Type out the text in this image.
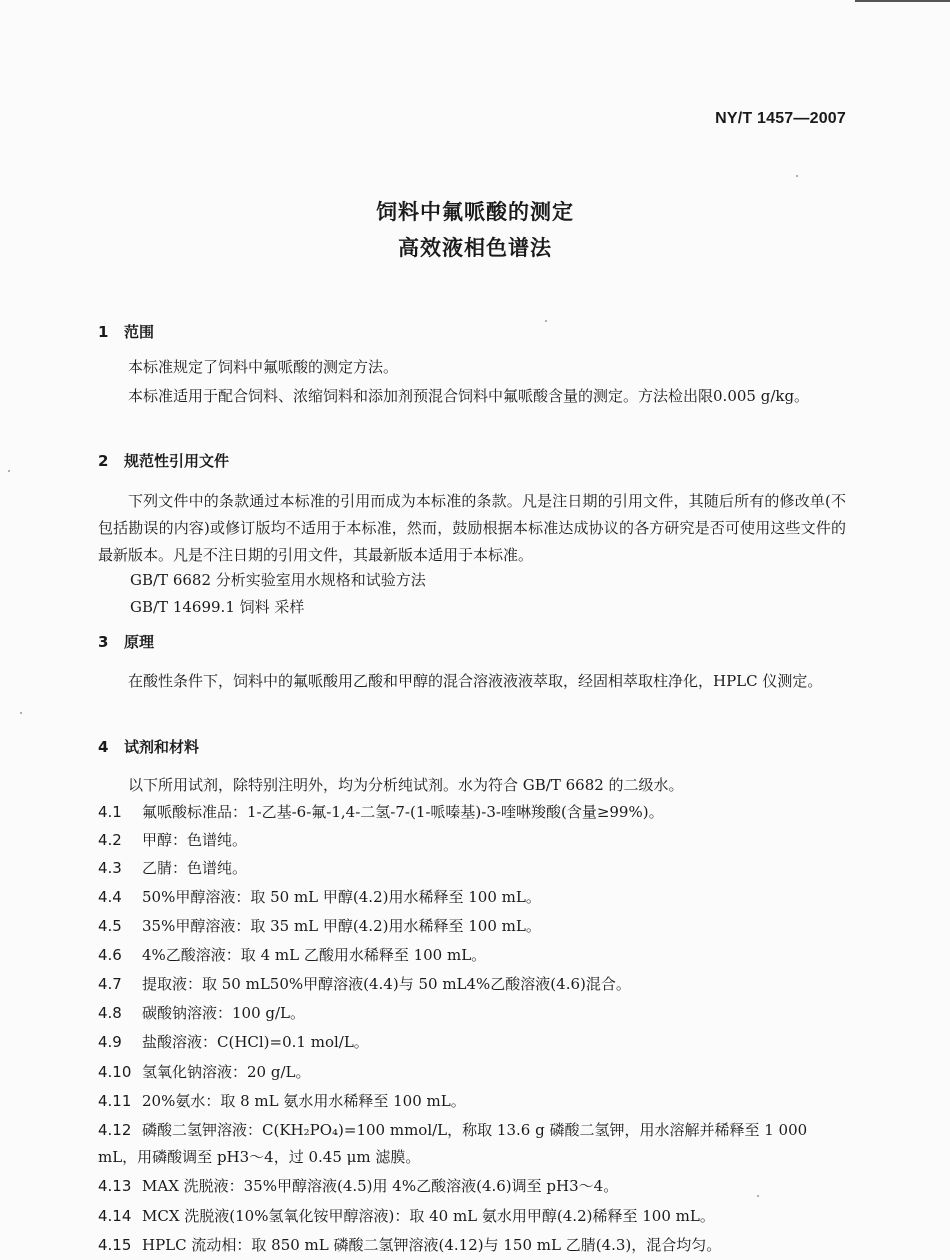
NY/T 1457—2007
饲料中氟哌酸的测定
高效液相色谱法
1 范围
本标准规定了饲料中氟哌酸的测定方法。
本标准适用于配合饲料、浓缩饲料和添加剂预混合饲料中氟哌酸含量的测定。方法检出限0.005 g/kg。
2 规范性引用文件
下列文件中的条款通过本标准的引用而成为本标准的条款。凡是注日期的引用文件，其随后所有的修改单(不包括勘误的内容)或修订版均不适用于本标准，然而，鼓励根据本标准达成协议的各方研究是否可使用这些文件的最新版本。凡是不注日期的引用文件，其最新版本适用于本标准。
GB/T 6682 分析实验室用水规格和试验方法
GB/T 14699.1 饲料 采样
3 原理
在酸性条件下，饲料中的氟哌酸用乙酸和甲醇的混合溶液液液萃取，经固相萃取柱净化，HPLC 仪测定。
4 试剂和材料
以下所用试剂，除特别注明外，均为分析纯试剂。水为符合 GB/T 6682 的二级水。
4.1 氟哌酸标准品：1-乙基-6-氟-1,4-二氢-7-(1-哌嗪基)-3-喹啉羧酸(含量≥99%)。
4.2 甲醇：色谱纯。
4.3 乙腈：色谱纯。
4.4 50%甲醇溶液：取 50 mL 甲醇(4.2)用水稀释至 100 mL。
4.5 35%甲醇溶液：取 35 mL 甲醇(4.2)用水稀释至 100 mL。
4.6 4%乙酸溶液：取 4 mL 乙酸用水稀释至 100 mL。
4.7 提取液：取 50 mL50%甲醇溶液(4.4)与 50 mL4%乙酸溶液(4.6)混合。
4.8 碳酸钠溶液：100 g/L。
4.9 盐酸溶液：C(HCl)=0.1 mol/L。
4.10 氢氧化钠溶液：20 g/L。
4.11 20%氨水：取 8 mL 氨水用水稀释至 100 mL。
4.12 磷酸二氢钾溶液：C(KH₂PO₄)=100 mmol/L，称取 13.6 g 磷酸二氢钾，用水溶解并稀释至 1 000 mL，用磷酸调至 pH3～4，过 0.45 μm 滤膜。
4.13 MAX 洗脱液：35%甲醇溶液(4.5)用 4%乙酸溶液(4.6)调至 pH3～4。
4.14 MCX 洗脱液(10%氢氧化铵甲醇溶液)：取 40 mL 氨水用甲醇(4.2)稀释至 100 mL。
4.15 HPLC 流动相：取 850 mL 磷酸二氢钾溶液(4.12)与 150 mL 乙腈(4.3)，混合均匀。
